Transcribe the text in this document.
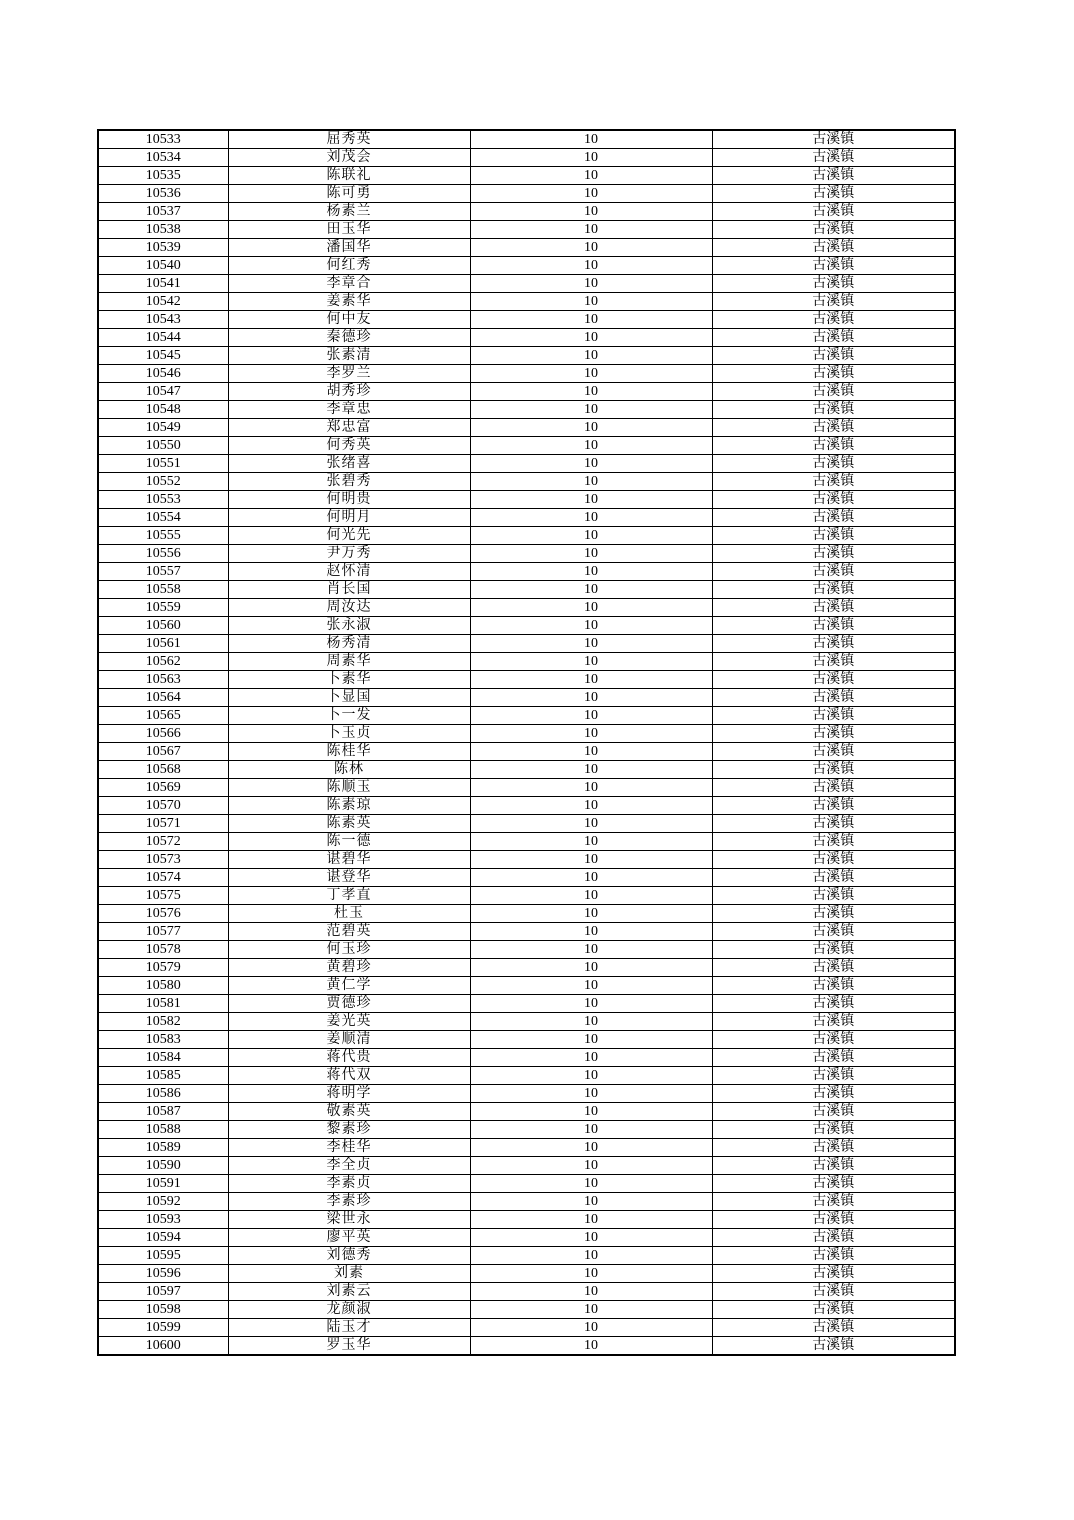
10533	屈秀英	10	古溪镇
10534	刘茂会	10	古溪镇
10535	陈联礼	10	古溪镇
10536	陈可勇	10	古溪镇
10537	杨素兰	10	古溪镇
10538	田玉华	10	古溪镇
10539	潘国华	10	古溪镇
10540	何红秀	10	古溪镇
10541	李章合	10	古溪镇
10542	姜素华	10	古溪镇
10543	何中友	10	古溪镇
10544	秦德珍	10	古溪镇
10545	张素清	10	古溪镇
10546	李罗兰	10	古溪镇
10547	胡秀珍	10	古溪镇
10548	李章忠	10	古溪镇
10549	郑忠富	10	古溪镇
10550	何秀英	10	古溪镇
10551	张绪喜	10	古溪镇
10552	张碧秀	10	古溪镇
10553	何明贵	10	古溪镇
10554	何明月	10	古溪镇
10555	何光先	10	古溪镇
10556	尹万秀	10	古溪镇
10557	赵怀清	10	古溪镇
10558	肖长国	10	古溪镇
10559	周汝达	10	古溪镇
10560	张永淑	10	古溪镇
10561	杨秀清	10	古溪镇
10562	周素华	10	古溪镇
10563	卜素华	10	古溪镇
10564	卜显国	10	古溪镇
10565	卜一发	10	古溪镇
10566	卜玉贞	10	古溪镇
10567	陈桂华	10	古溪镇
10568	陈林	10	古溪镇
10569	陈顺玉	10	古溪镇
10570	陈素琼	10	古溪镇
10571	陈素英	10	古溪镇
10572	陈一德	10	古溪镇
10573	谌碧华	10	古溪镇
10574	谌登华	10	古溪镇
10575	丁孝直	10	古溪镇
10576	杜玉	10	古溪镇
10577	范碧英	10	古溪镇
10578	何玉珍	10	古溪镇
10579	黄碧珍	10	古溪镇
10580	黄仁学	10	古溪镇
10581	贾德珍	10	古溪镇
10582	姜光英	10	古溪镇
10583	姜顺清	10	古溪镇
10584	蒋代贵	10	古溪镇
10585	蒋代双	10	古溪镇
10586	蒋明学	10	古溪镇
10587	敬素英	10	古溪镇
10588	黎素珍	10	古溪镇
10589	李桂华	10	古溪镇
10590	李全贞	10	古溪镇
10591	李素贞	10	古溪镇
10592	李素珍	10	古溪镇
10593	梁世永	10	古溪镇
10594	廖平英	10	古溪镇
10595	刘德秀	10	古溪镇
10596	刘素	10	古溪镇
10597	刘素云	10	古溪镇
10598	龙颜淑	10	古溪镇
10599	陆玉才	10	古溪镇
10600	罗玉华	10	古溪镇
